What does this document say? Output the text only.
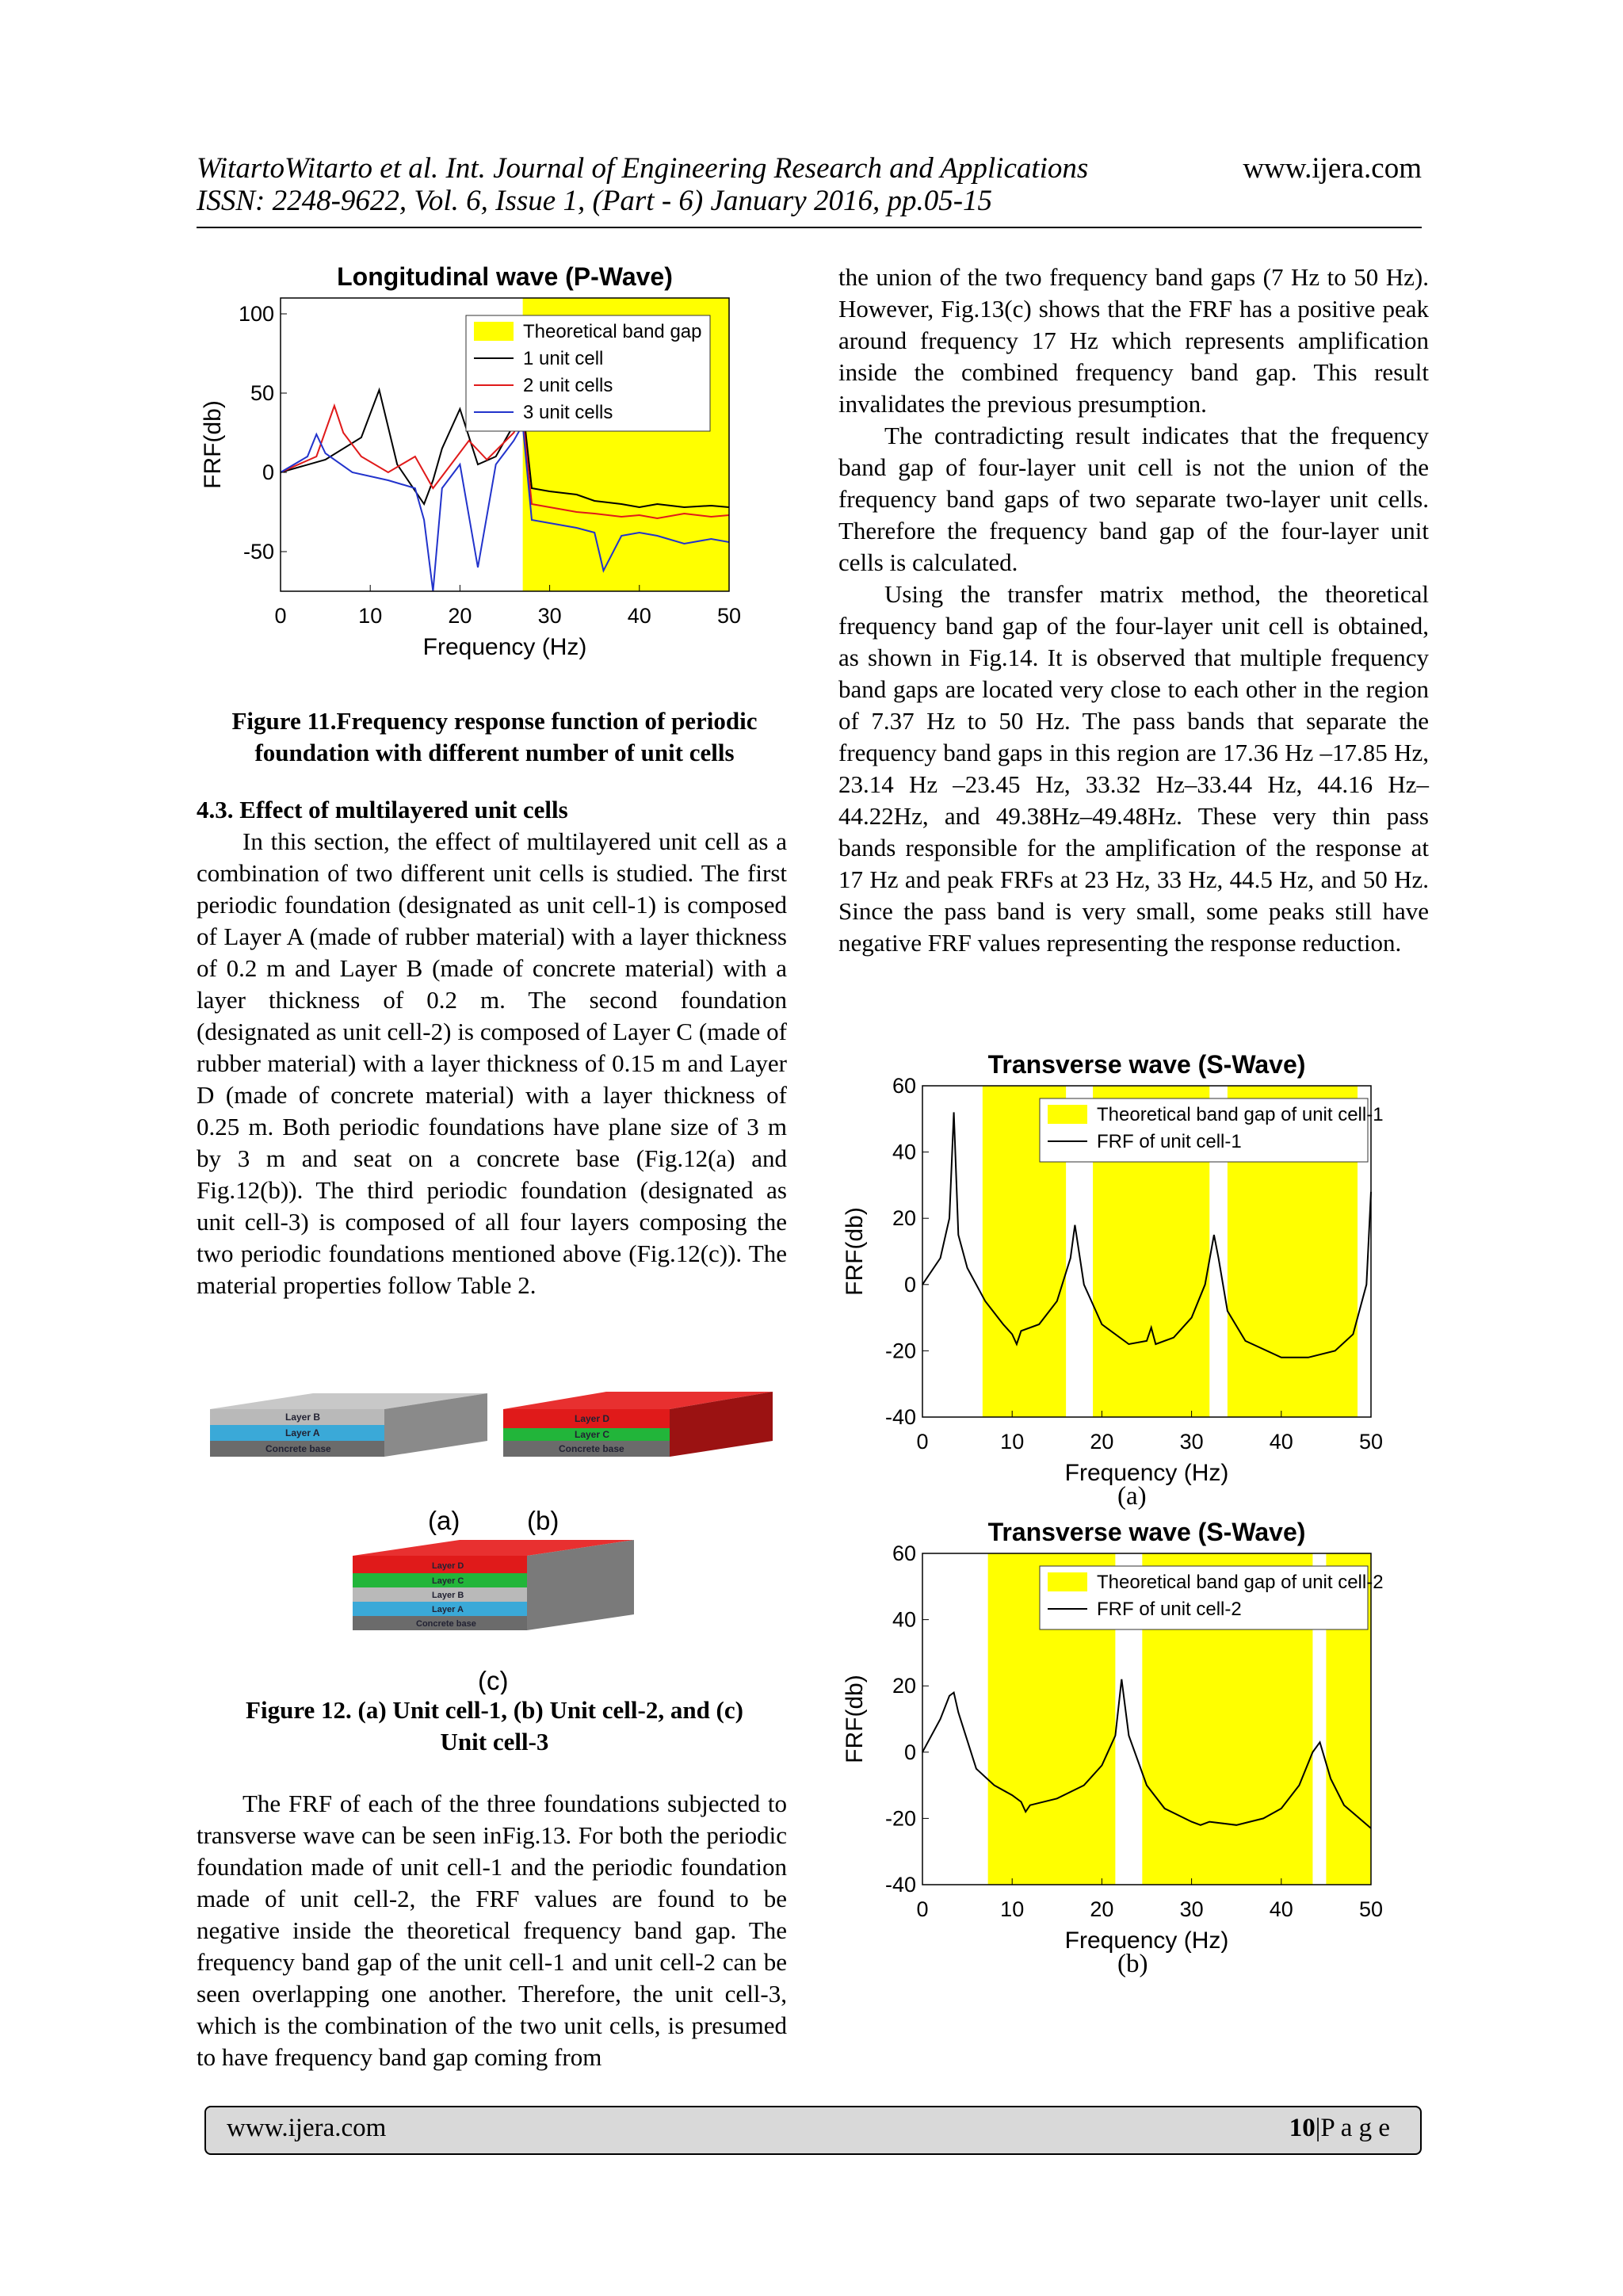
WitartoWitarto et al. Int. Journal of Engineering Research and Applications
ISSN: 2248-9622, Vol. 6, Issue 1, (Part - 6) January 2016, pp.05-15
www.ijera.com
Longitudinal wave (P-Wave)
0	10	20	30	40	50
100
50
0
-50
Frequency (Hz)
FRF(db)
Theoretical band gap
1 unit cell
2 unit cells
3 unit cells
Figure 11.Frequency response function of periodic
foundation with different number of unit cells

4.3. Effect of multilayered unit cells

In this section, the effect of multilayered unit cell as a combination of two different unit cells is studied. The first periodic foundation (designated as unit cell-1) is composed of Layer A (made of rubber material) with a layer thickness of 0.2 m and Layer B (made of concrete material) with a layer thickness of 0.2 m. The second foundation (designated as unit cell-2) is composed of Layer C (made of rubber material) with a layer thickness of 0.15 m and Layer D (made of concrete material) with a layer thickness of 0.25 m. Both periodic foundations have plane size of 3 m by 3 m and seat on a concrete base (Fig.12(a) and Fig.12(b)). The third periodic foundation (designated as unit cell-3) is composed of all four layers composing the two periodic foundations mentioned above (Fig.12(c)). The material properties follow Table 2.

Layer B
Layer A
Concrete base
Layer D
Layer C
Concrete base
(a)	(b)
Layer D
Layer C
Layer B
Layer A
Concrete base
(c)
Figure 12. (a) Unit cell-1, (b) Unit cell-2, and (c)
Unit cell-3

The FRF of each of the three foundations subjected to transverse wave can be seen inFig.13. For both the periodic foundation made of unit cell-1 and the periodic foundation made of unit cell-2, the FRF values are found to be negative inside the theoretical frequency band gap. The frequency band gap of the unit cell-1 and unit cell-2 can be seen overlapping one another. Therefore, the unit cell-3, which is the combination of the two unit cells, is presumed to have frequency band gap coming from

the union of the two frequency band gaps (7 Hz to 50 Hz). However, Fig.13(c) shows that the FRF has a positive peak around frequency 17 Hz which represents amplification inside the combined frequency band gap. This result invalidates the previous presumption.

The contradicting result indicates that the frequency band gap of four-layer unit cell is not the union of the frequency band gaps of two separate two-layer unit cells. Therefore the frequency band gap of the four-layer unit cells is calculated.

Using the transfer matrix method, the theoretical frequency band gap of the four-layer unit cell is obtained, as shown in Fig.14. It is observed that multiple frequency band gaps are located very close to each other in the region of 7.37 Hz to 50 Hz. The pass bands that separate the frequency band gaps in this region are 17.36 Hz –17.85 Hz, 23.14 Hz –23.45 Hz, 33.32 Hz–33.44 Hz, 44.16 Hz–44.22Hz, and 49.38Hz–49.48Hz. These very thin pass bands responsible for the amplification of the response at 17 Hz and peak FRFs at 23 Hz, 33 Hz, 44.5 Hz, and 50 Hz. Since the pass band is very small, some peaks still have negative FRF values representing the response reduction.

Transverse wave (S-Wave)
0	10	20	30	40	50
60
40
20
0
-20
-40
Frequency (Hz)
FRF(db)
Theoretical band gap of unit cell-1
FRF of unit cell-1
(a)
Transverse wave (S-Wave)
0	10	20	30	40	50
60
40
20
0
-20
-40
Frequency (Hz)
FRF(db)
Theoretical band gap of unit cell-2
FRF of unit cell-2
(b)
www.ijera.com	10|P a g e
